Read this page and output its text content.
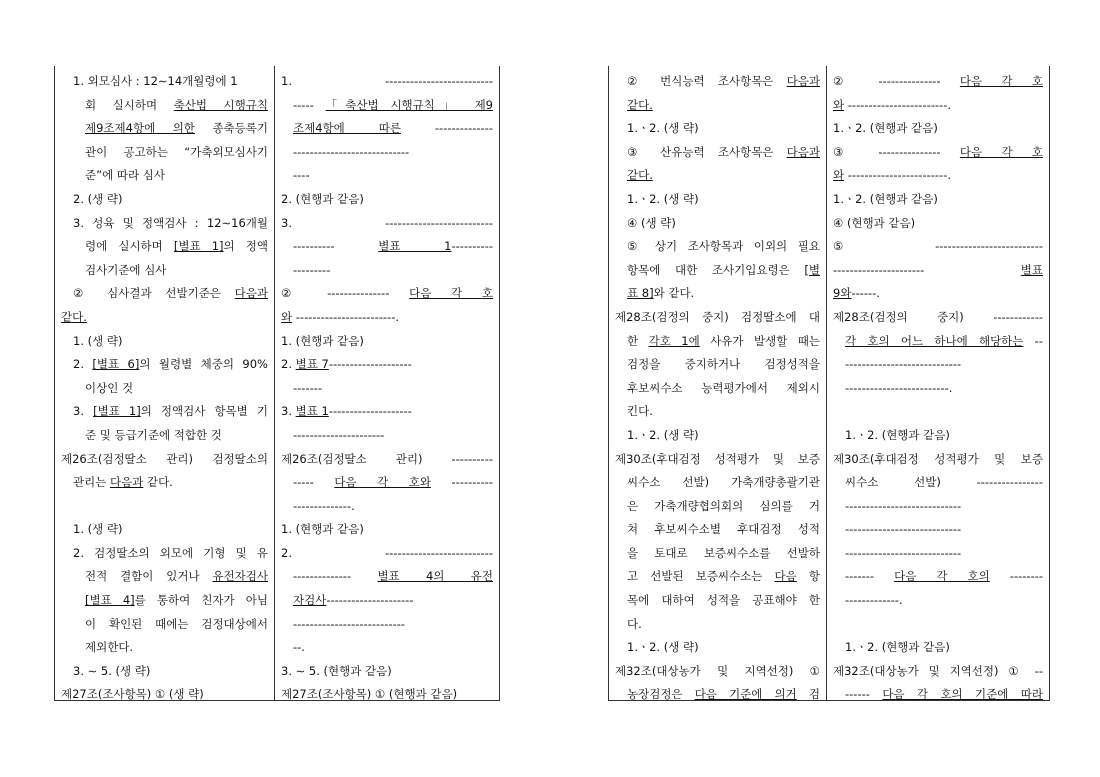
1. 외모심사 : 12∼14개월령에 1
회 실시하며 축산법 시행규칙
제9조제4항에 의한 종축등록기
관이 공고하는 “가축외모심사기
준”에 따라 심사
2. (생 략)
3. 성육 및 정액검사 : 12∼16개월
령에 실시하며 [별표 1]의 정액
검사기준에 심사
② 심사결과 선발기준은 다음과
같다.
1. (생 략)
2. [별표 6]의 월령별 체중의 90%
이상인 것
3. [별표 1]의 정액검사 항목별 기
준 및 등급기준에 적합한 것
제26조(검정딸소 관리) 검정딸소의
관리는 다음과 같다.
1. (생 략)
2. 검정딸소의 외모에 기형 및 유
전적 결함이 있거나 유전자검사
[별표 4]를 통하여 친자가 아님
이 확인된 때에는 검정대상에서
제외한다.
3. ∼ 5. (생 략)
제27조(조사항목) ① (생 략)
1. --------------------------
----- 「축산법 시행규칙」 제9
조제4항에 따른 --------------
----------------------------
----
2. (현행과 같음)
3. --------------------------
---------- 별표 1----------
---------
② --------------- 다음 각 호
와 ------------------------.
1. (현행과 같음)
2. 별표 7--------------------
-------
3. 별표 1--------------------
----------------------
제26조(검정딸소 관리) ----------
----- 다음 각 호와 ----------
--------------.
1. (현행과 같음)
2. --------------------------
-------------- 별표 4의 유전
자검사---------------------
---------------------------
--.
3. ∼ 5. (현행과 같음)
제27조(조사항목) ① (현행과 같음)
② 번식능력 조사항목은 다음과
같다.
1.ㆍ2. (생 략)
③ 산유능력 조사항목은 다음과
같다.
1.ㆍ2. (생 략)
④ (생 략)
⑤ 상기 조사항목과 이외의 필요
항목에 대한 조사기입요령은 [별
표 8]와 같다.
제28조(검정의 중지) 검정딸소에 대
한 각호 1에 사유가 발생할 때는
검정을 중지하거나 검정성적을
후보씨수소 능력평가에서 제외시
킨다.
1.ㆍ2. (생 략)
제30조(후대검정 성적평가 및 보증
씨수소 선발) 가축개량총괄기관
은 가축개량협의회의 심의를 거
쳐 후보씨수소별 후대검정 성적
을 토대로 보증씨수소를 선발하
고 선발된 보증씨수소는 다음 항
목에 대하여 성적을 공표해야 한
다.
1.ㆍ2. (생 략)
제32조(대상농가 및 지역선정) ①
농장검정은 다음 기준에 의거 검
② --------------- 다음 각 호
와 ------------------------.
1.ㆍ2. (현행과 같음)
③ --------------- 다음 각 호
와 ------------------------.
1.ㆍ2. (현행과 같음)
④ (현행과 같음)
⑤ --------------------------
---------------------- 별표
9와------.
제28조(검정의 중지) ------------
각 호의 어느 하나에 해당하는 --
----------------------------
-------------------------.
1.ㆍ2. (현행과 같음)
제30조(후대검정 성적평가 및 보증
씨수소 선발) ----------------
----------------------------
----------------------------
----------------------------
------- 다음 각 호의 --------
-------------.
1.ㆍ2. (현행과 같음)
제32조(대상농가 및 지역선정) ① --
------ 다음 각 호의 기준에 따라
